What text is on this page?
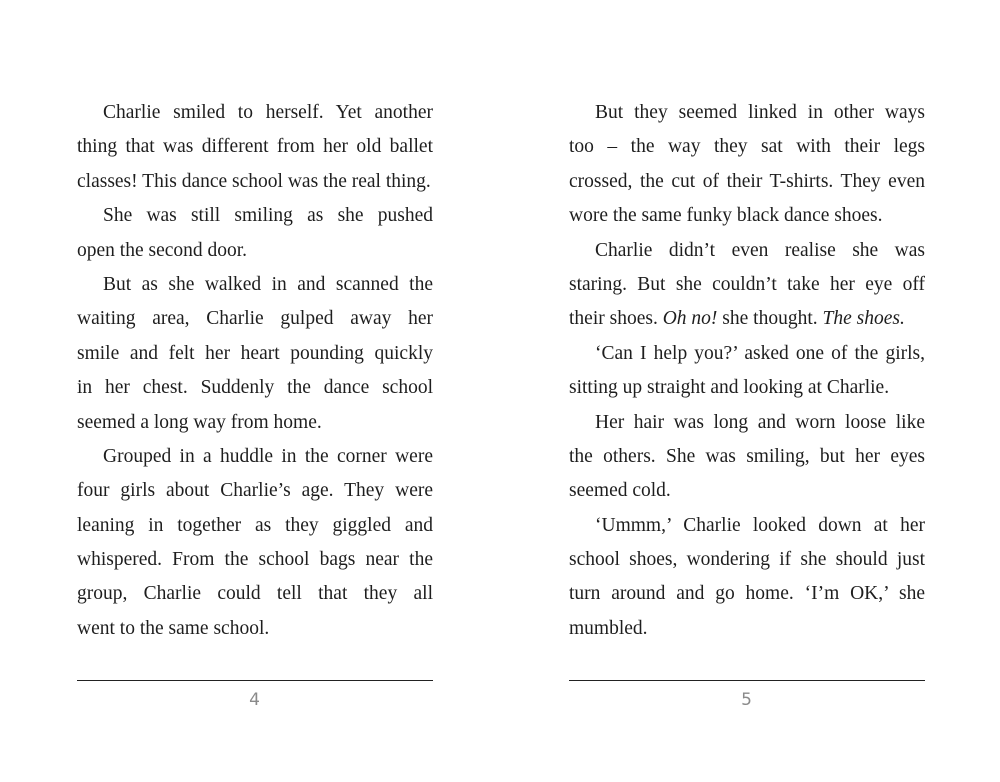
Charlie smiled to herself. Yet another
thing that was different from her old ballet
classes! This dance school was the real thing.
She was still smiling as she pushed
open the second door.
But as she walked in and scanned the
waiting area, Charlie gulped away her
smile and felt her heart pounding quickly
in her chest. Suddenly the dance school
seemed a long way from home.
Grouped in a huddle in the corner were
four girls about Charlie’s age. They were
leaning in together as they giggled and
whispered. From the school bags near the
group, Charlie could tell that they all
went to the same school.
But they seemed linked in other ways
too – the way they sat with their legs
crossed, the cut of their T-shirts. They even
wore the same funky black dance shoes.
Charlie didn’t even realise she was
staring. But she couldn’t take her eye off
their shoes. Oh no! she thought. The shoes.
‘Can I help you?’ asked one of the girls,
sitting up straight and looking at Charlie.
Her hair was long and worn loose like
the others. She was smiling, but her eyes
seemed cold.
‘Ummm,’ Charlie looked down at her
school shoes, wondering if she should just
turn around and go home. ‘I’m OK,’ she
mumbled.
4	5
